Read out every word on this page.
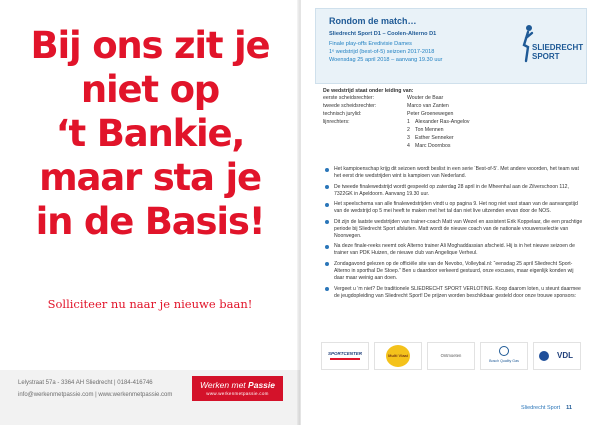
Bij ons zit je
niet op
‘t Bankie,
maar sta je
in de Basis!
Solliciteer nu naar je nieuwe baan!
Lelystraat 57a - 3364 AH Sliedrecht | 0184-416746
info@werkenmetpassie.com | www.werkenmetpassie.com
Werken met Passie
www.werkenmetpassie.com
Rondom de match…
Sliedrecht Sport D1 – Coolen-Alterno D1
Finale play-offs Eredivisie Dames
1ᵉ wedstrijd (best-of-5) seizoen 2017-2018
Woensdag 25 april 2018 – aanvang 19.30 uur
SLIEDRECHT
SPORT
De wedstrijd staat onder leiding van:
eerste scheidsrechter:	Wouter de Baar
tweede scheidsrechter:	Marco van Zanten
technisch jurylid:	Peter Groenewegen
lijnrechters:	1 Alexander Ras-Angelov
2 Ton Mennen
3 Esther Senneker
4 Marc Doornbos
Het kampioenschap krijg dit seizoen wordt beslist in een serie ‘Best-of-5’. Met andere woorden, het team wat het eerst drie wedstrijden wint is kampioen van Nederland.
De tweede finalewedstrijd wordt gespeeld op zaterdag 28 april in de Mheenhal aan de Zilverschoon 112, 7322GK in Apeldoorn. Aanvang 19.30 uur.
Het speelschema van alle finalewedstrijden vindt u op pagina 9. Het nog niet vast staan van de aanvangstijd van de wedstrijd op 5 mei heeft te maken met het tal dan niet live uitzenden ervan door de NOS.
Dit zijn de laatste wedstrijden van trainer-coach Matt van Wezel en assistent Erik Koppelaar, die een prachtige periode bij Sliedrecht Sport afsluiten. Matt wordt de nieuwe coach van de nationale vrouwenselectie van Noorwegen.
Na deze finale-reeks neemt ook Alterno trainer Ali Moghaddassian afscheid. Hij is in het nieuwe seizoen de trainer van PDK Huizen, de nieuwe club van Angelique Verheul.
Zondagavond gelezen op de officiële site van de Nevobo, Volleybal.nl: “eensdag 25 april Sliedrecht Sport-Alterno in sporthal De Stoep.” Ben u daardoor verkeerd gestuurd, onze excuses, maar eigenlijk konden wij daar maar weinig aan doen.
Vergeet u ’m niet? De traditionele SLIEDRECHT SPORT VERLOTING. Koop daarom loten, u steunt daarmee de jeugdopleiding van Sliedrecht Sport! De prijzen worden beschikbaar gesteld door onze trouwe sponsors:
SPORTCENTER	Multi Vlaai	Ontmoeten
Bosch Quality Gas
VDL
Sliedrecht Sport 11
